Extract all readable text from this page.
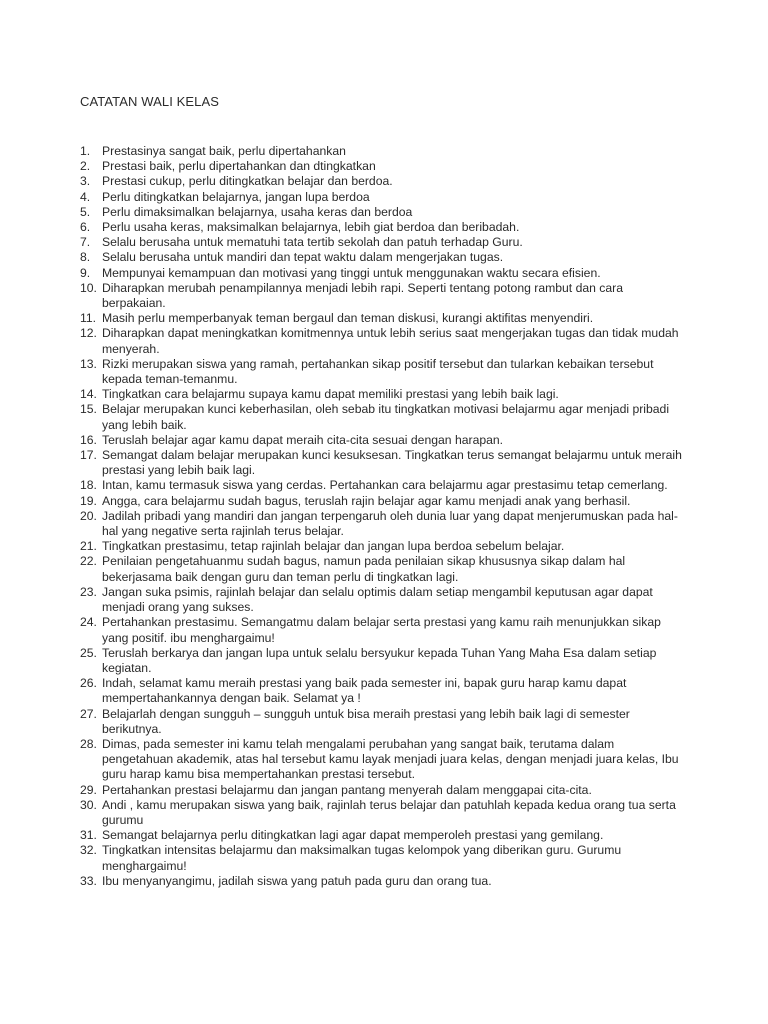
CATATAN WALI KELAS
1. Prestasinya sangat baik, perlu dipertahankan
2. Prestasi baik, perlu dipertahankan dan dtingkatkan
3. Prestasi cukup, perlu ditingkatkan belajar dan berdoa.
4. Perlu ditingkatkan belajarnya, jangan lupa berdoa
5. Perlu dimaksimalkan belajarnya, usaha keras dan berdoa
6. Perlu usaha keras, maksimalkan belajarnya, lebih giat berdoa dan beribadah.
7. Selalu berusaha untuk mematuhi tata tertib sekolah dan patuh terhadap Guru.
8. Selalu berusaha untuk mandiri dan tepat waktu dalam mengerjakan tugas.
9. Mempunyai kemampuan dan motivasi yang tinggi untuk menggunakan waktu secara efisien.
10. Diharapkan merubah penampilannya menjadi lebih rapi. Seperti tentang potong rambut dan cara berpakaian.
11. Masih perlu memperbanyak teman bergaul dan teman diskusi, kurangi aktifitas menyendiri.
12. Diharapkan dapat meningkatkan komitmennya untuk lebih serius saat mengerjakan tugas dan tidak mudah menyerah.
13. Rizki merupakan siswa yang ramah, pertahankan sikap positif tersebut dan tularkan kebaikan tersebut kepada teman-temanmu.
14. Tingkatkan cara belajarmu supaya kamu dapat memiliki prestasi yang lebih baik lagi.
15. Belajar merupakan kunci keberhasilan, oleh sebab itu tingkatkan motivasi belajarmu agar menjadi pribadi yang lebih baik.
16. Teruslah belajar agar kamu dapat meraih cita-cita sesuai dengan harapan.
17. Semangat dalam belajar merupakan kunci kesuksesan. Tingkatkan terus semangat belajarmu untuk meraih prestasi yang lebih baik lagi.
18. Intan, kamu termasuk siswa yang cerdas. Pertahankan cara belajarmu agar prestasimu tetap cemerlang.
19. Angga, cara belajarmu sudah bagus, teruslah rajin belajar agar kamu menjadi anak yang berhasil.
20. Jadilah pribadi yang mandiri dan jangan terpengaruh oleh dunia luar yang dapat menjerumuskan pada hal-hal yang negative serta rajinlah terus belajar.
21. Tingkatkan prestasimu, tetap rajinlah belajar dan jangan lupa berdoa sebelum belajar.
22. Penilaian pengetahuanmu sudah bagus, namun pada penilaian sikap khususnya sikap dalam hal bekerjasama baik dengan guru dan teman perlu di tingkatkan lagi.
23. Jangan suka psimis, rajinlah belajar dan selalu optimis dalam setiap mengambil keputusan agar dapat menjadi orang yang sukses.
24. Pertahankan prestasimu. Semangatmu dalam belajar serta prestasi yang kamu raih menunjukkan sikap yang positif. ibu menghargaimu!
25. Teruslah berkarya dan jangan lupa untuk selalu bersyukur kepada Tuhan Yang Maha Esa dalam setiap kegiatan.
26. Indah, selamat kamu meraih prestasi yang baik pada semester ini, bapak guru harap kamu dapat mempertahankannya dengan baik. Selamat ya !
27. Belajarlah dengan sungguh – sungguh untuk bisa meraih prestasi yang lebih baik lagi di semester berikutnya.
28. Dimas, pada semester ini kamu telah mengalami perubahan yang sangat baik, terutama dalam pengetahuan akademik, atas hal tersebut kamu layak menjadi juara kelas, dengan menjadi juara kelas, Ibu guru harap kamu bisa mempertahankan prestasi tersebut.
29. Pertahankan prestasi belajarmu dan jangan pantang menyerah dalam menggapai cita-cita.
30. Andi , kamu merupakan siswa yang baik, rajinlah terus belajar dan patuhlah kepada kedua orang tua serta gurumu
31. Semangat belajarnya perlu ditingkatkan lagi agar dapat memperoleh prestasi yang gemilang.
32. Tingkatkan intensitas belajarmu dan maksimalkan tugas kelompok yang diberikan guru. Gurumu menghargaimu!
33. Ibu menyanyangimu, jadilah siswa yang patuh pada guru dan orang tua.
